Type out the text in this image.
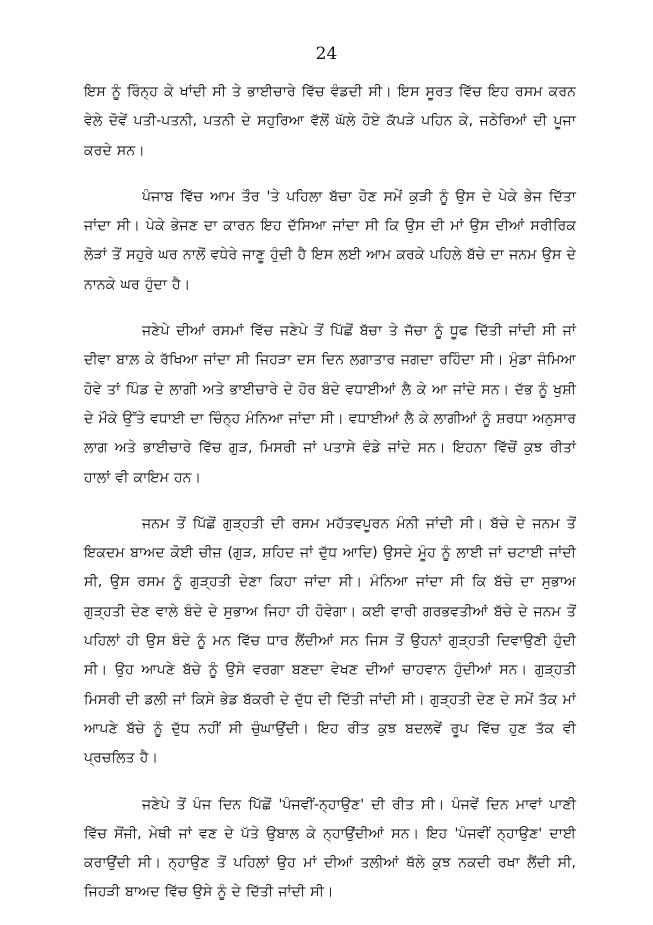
24

ਇਸ ਨੂੰ ਰਿੰਨ੍ਹ ਕੇ ਖਾਂਦੀ ਸੀ ਤੇ ਭਾਈਚਾਰੇ ਵਿੱਚ ਵੰਡਦੀ ਸੀ। ਇਸ ਸੂਰਤ ਵਿੱਚ ਇਹ ਰਸਮ ਕਰਨ ਵੇਲੇ ਦੋਵੇਂ ਪਤੀ-ਪਤਨੀ, ਪਤਨੀ ਦੇ ਸਹੁਰਿਆ ਵੱਲੋਂ ਘੱਲੇ ਹੋਏ ਕੱਪੜੇ ਪਹਿਨ ਕੇ, ਜਠੇਰਿਆਂ ਦੀ ਪੂਜਾ ਕਰਦੇ ਸਨ।

ਪੰਜਾਬ ਵਿੱਚ ਆਮ ਤੌਰ 'ਤੇ ਪਹਿਲਾ ਬੱਚਾ ਹੋਣ ਸਮੇਂ ਕੁੜੀ ਨੂੰ ਉਸ ਦੇ ਪੇਕੇ ਭੇਜ ਦਿੱਤਾ ਜਾਂਦਾ ਸੀ। ਪੇਕੇ ਭੇਜਣ ਦਾ ਕਾਰਨ ਇਹ ਦੱਸਿਆ ਜਾਂਦਾ ਸੀ ਕਿ ਉਸ ਦੀ ਮਾਂ ਉਸ ਦੀਆਂ ਸਰੀਰਿਕ ਲੋੜਾਂ ਤੋਂ ਸਹੁਰੇ ਘਰ ਨਾਲੋਂ ਵਧੇਰੇ ਜਾਣੂ ਹੁੰਦੀ ਹੈ ਇਸ ਲਈ ਆਮ ਕਰਕੇ ਪਹਿਲੇ ਬੱਚੇ ਦਾ ਜਨਮ ਉਸ ਦੇ ਨਾਨਕੇ ਘਰ ਹੁੰਦਾ ਹੈ।

ਜਣੇਪੇ ਦੀਆਂ ਰਸਮਾਂ ਵਿੱਚ ਜਣੇਪੇ ਤੋਂ ਪਿੱਛੋਂ ਬੱਚਾ ਤੇ ਜੱਚਾ ਨੂੰ ਧੂਫ ਦਿੱਤੀ ਜਾਂਦੀ ਸੀ ਜਾਂ ਦੀਵਾ ਬਾਲ਼ ਕੇ ਰੱਖਿਆ ਜਾਂਦਾ ਸੀ ਜਿਹੜਾ ਦਸ ਦਿਨ ਲਗਾਤਾਰ ਜਗਦਾ ਰਹਿੰਦਾ ਸੀ। ਮੁੰਡਾ ਜੰਮਿਆ ਹੋਵੇ ਤਾਂ ਪਿੰਡ ਦੇ ਲਾਗੀ ਅਤੇ ਭਾਈਚਾਰੇ ਦੇ ਹੋਰ ਬੰਦੇ ਵਧਾਈਆਂ ਲੈ ਕੇ ਆ ਜਾਂਦੇ ਸਨ। ਦੱਭ ਨੂੰ ਖੁਸ਼ੀ ਦੇ ਮੌਕੇ ਉੱਤੇ ਵਧਾਈ ਦਾ ਚਿੰਨ੍ਹ ਮੰਨਿਆ ਜਾਂਦਾ ਸੀ। ਵਧਾਈਆਂ ਲੈ ਕੇ ਲਾਗੀਆਂ ਨੂੰ ਸ਼ਰਧਾ ਅਨੁਸਾਰ ਲਾਗ ਅਤੇ ਭਾਈਚਾਰੇ ਵਿੱਚ ਗੁੜ, ਮਿਸਰੀ ਜਾਂ ਪਤਾਸੇ ਵੰਡੇ ਜਾਂਦੇ ਸਨ। ਇਹਨਾ ਵਿੱਚੋਂ ਕੁਝ ਰੀਤਾਂ ਹਾਲਾਂ ਵੀ ਕਾਇਮ ਹਨ।

ਜਨਮ ਤੋਂ ਪਿੱਛੋਂ ਗੁੜ੍ਹਤੀ ਦੀ ਰਸਮ ਮਹੱਤਵਪੂਰਨ ਮੰਨੀ ਜਾਂਦੀ ਸੀ। ਬੱਚੇ ਦੇ ਜਨਮ ਤੋਂ ਇਕਦਮ ਬਾਅਦ ਕੋਈ ਚੀਜ਼ (ਗੁੜ, ਸ਼ਹਿਦ ਜਾਂ ਦੁੱਧ ਆਦਿ) ਉਸਦੇ ਮੂੰਹ ਨੂੰ ਲਾਈ ਜਾਂ ਚਟਾਈ ਜਾਂਦੀ ਸੀ, ਉਸ ਰਸਮ ਨੂੰ ਗੁੜ੍ਹਤੀ ਦੇਣਾ ਕਿਹਾ ਜਾਂਦਾ ਸੀ। ਮੰਨਿਆ ਜਾਂਦਾ ਸੀ ਕਿ ਬੱਚੇ ਦਾ ਸੁਭਾਅ ਗੁੜ੍ਹਤੀ ਦੇਣ ਵਾਲੇ ਬੰਦੇ ਦੇ ਸੁਭਾਅ ਜਿਹਾ ਹੀ ਹੋਵੇਗਾ। ਕਈ ਵਾਰੀ ਗਰਭਵਤੀਆਂ ਬੱਚੇ ਦੇ ਜਨਮ ਤੋਂ ਪਹਿਲਾਂ ਹੀ ਉਸ ਬੰਦੇ ਨੂੰ ਮਨ ਵਿੱਚ ਧਾਰ ਲੈਂਦੀਆਂ ਸਨ ਜਿਸ ਤੋਂ ਉਹਨਾਂ ਗੁੜ੍ਹਤੀ ਦਿਵਾਉਣੀ ਹੁੰਦੀ ਸੀ। ਉਹ ਆਪਣੇ ਬੱਚੇ ਨੂੰ ਉਸੇ ਵਰਗਾ ਬਣਦਾ ਵੇਖਣ ਦੀਆਂ ਚਾਹਵਾਨ ਹੁੰਦੀਆਂ ਸਨ। ਗੁੜ੍ਹਤੀ ਮਿਸਰੀ ਦੀ ਡਲੀ ਜਾਂ ਕਿਸੇ ਭੇਡ ਬੱਕਰੀ ਦੇ ਦੁੱਧ ਦੀ ਦਿੱਤੀ ਜਾਂਦੀ ਸੀ। ਗੁੜ੍ਹਤੀ ਦੇਣ ਦੇ ਸਮੇਂ ਤੱਕ ਮਾਂ ਆਪਣੇ ਬੱਚੇ ਨੂੰ ਦੁੱਧ ਨਹੀਂ ਸੀ ਚੁੰਘਾਉਂਦੀ। ਇਹ ਰੀਤ ਕੁਝ ਬਦਲਵੇਂ ਰੂਪ ਵਿੱਚ ਹੁਣ ਤੱਕ ਵੀ ਪ੍ਰਚਲਿਤ ਹੈ।

ਜਣੇਪੇ ਤੋਂ ਪੰਜ ਦਿਨ ਪਿੱਛੋਂ 'ਪੰਜਵੀਂ-ਨ੍ਹਾਉਣ' ਦੀ ਰੀਤ ਸੀ। ਪੰਜਵੇਂ ਦਿਨ ਮਾਵਾਂ ਪਾਣੀ ਵਿੱਚ ਸੋਂਜੀ, ਮੇਥੀ ਜਾਂ ਵਣ ਦੇ ਪੱਤੇ ਉਬਾਲ ਕੇ ਨ੍ਹਾਉਂਦੀਆਂ ਸਨ। ਇਹ 'ਪੰਜਵੀਂ ਨ੍ਹਾਉਣ' ਦਾਈ ਕਰਾਉਂਦੀ ਸੀ। ਨ੍ਹਾਉਣ ਤੋਂ ਪਹਿਲਾਂ ਉਹ ਮਾਂ ਦੀਆਂ ਤਲੀਆਂ ਥੱਲੇ ਕੁਝ ਨਕਦੀ ਰਖਾ ਲੈਂਦੀ ਸੀ, ਜਿਹੜੀ ਬਾਅਦ ਵਿੱਚ ਉਸੇ ਨੂੰ ਦੇ ਦਿੱਤੀ ਜਾਂਦੀ ਸੀ।
